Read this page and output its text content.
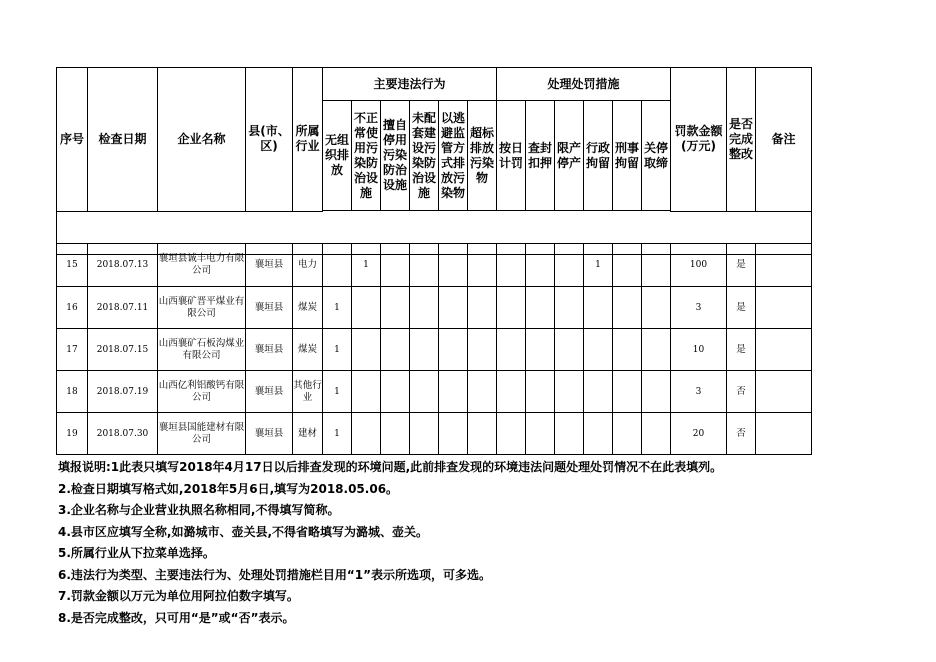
序号	检查日期	企业名称	县(市、区)	所属行业	主要违法行为						处理处罚措施						罚款金额(万元)	是否完成整改	备注
					无组织排放	不正常使用污染防治设施	擅自停用污染防治设施	未配套建设污染防治设施	以逃避监管方式排放污染物	超标排放污染物	按日计罚	查封扣押	限产停产	行政拘留	刑事拘留	关停取缔			

15	2018.07.13	襄垣县诚丰电力有限公司	襄垣县	电力		1								1			100	是	
16	2018.07.11	山西襄矿晋平煤业有限公司	襄垣县	煤炭	1												3	是	
17	2018.07.15	山西襄矿石板沟煤业有限公司	襄垣县	煤炭	1												10	是	
18	2018.07.19	山西亿利铝酸钙有限公司	襄垣县	其他行业	1												3	否	
19	2018.07.30	襄垣县国能建材有限公司	襄垣县	建材	1												20	否	
填报说明:1此表只填写2018年4月17日以后排查发现的环境问题,此前排查发现的环境违法问题处理处罚情况不在此表填列。
2.检查日期填写格式如,2018年5月6日,填写为2018.05.06。
3.企业名称与企业营业执照名称相同,不得填写简称。
4.县市区应填写全称,如潞城市、壶关县,不得省略填写为潞城、壶关。
5.所属行业从下拉菜单选择。
6.违法行为类型、主要违法行为、处理处罚措施栏目用“1”表示所选项，可多选。
7.罚款金额以万元为单位用阿拉伯数字填写。
8.是否完成整改，只可用“是”或“否”表示。
